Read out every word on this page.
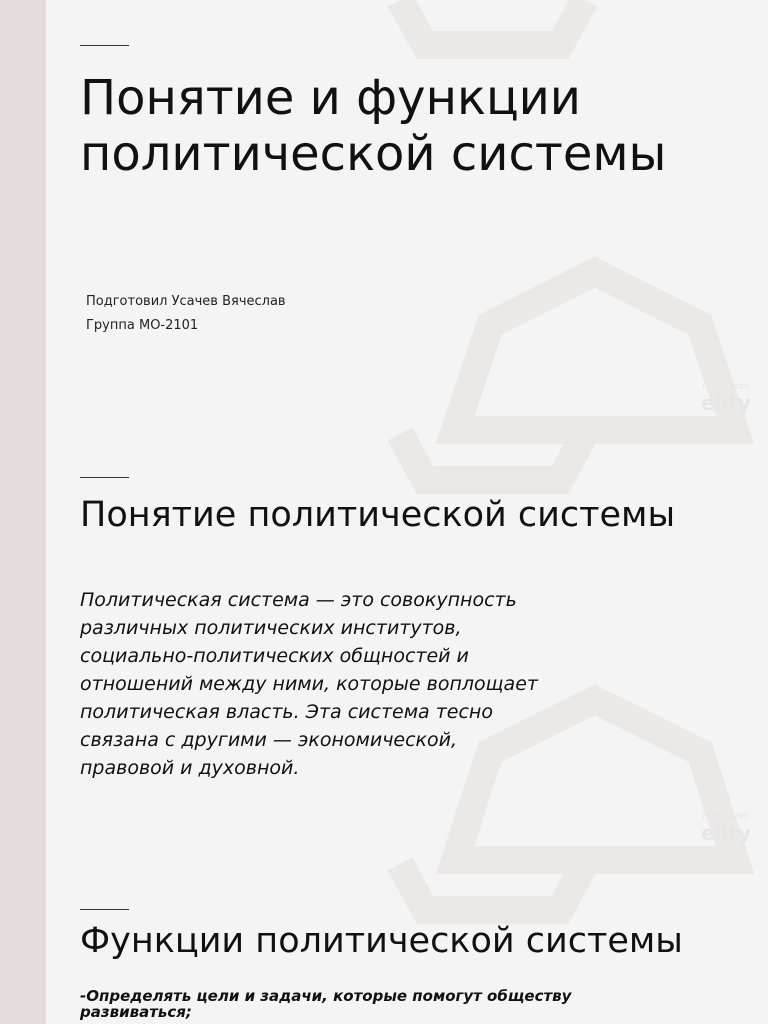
made with
elity
made with
elity
Понятие и функции
политической системы
Подготовил Усачев Вячеслав
Группа МО-2101
Понятие политической системы
Политическая система — это совокупность
различных политических институтов,
социально-политических общностей и
отношений между ними, которые воплощает
политическая власть. Эта система тесно
связана с другими — экономической,
правовой и духовной.
Функции политической системы
-Определять цели и задачи, которые помогут обществу
развиваться;
